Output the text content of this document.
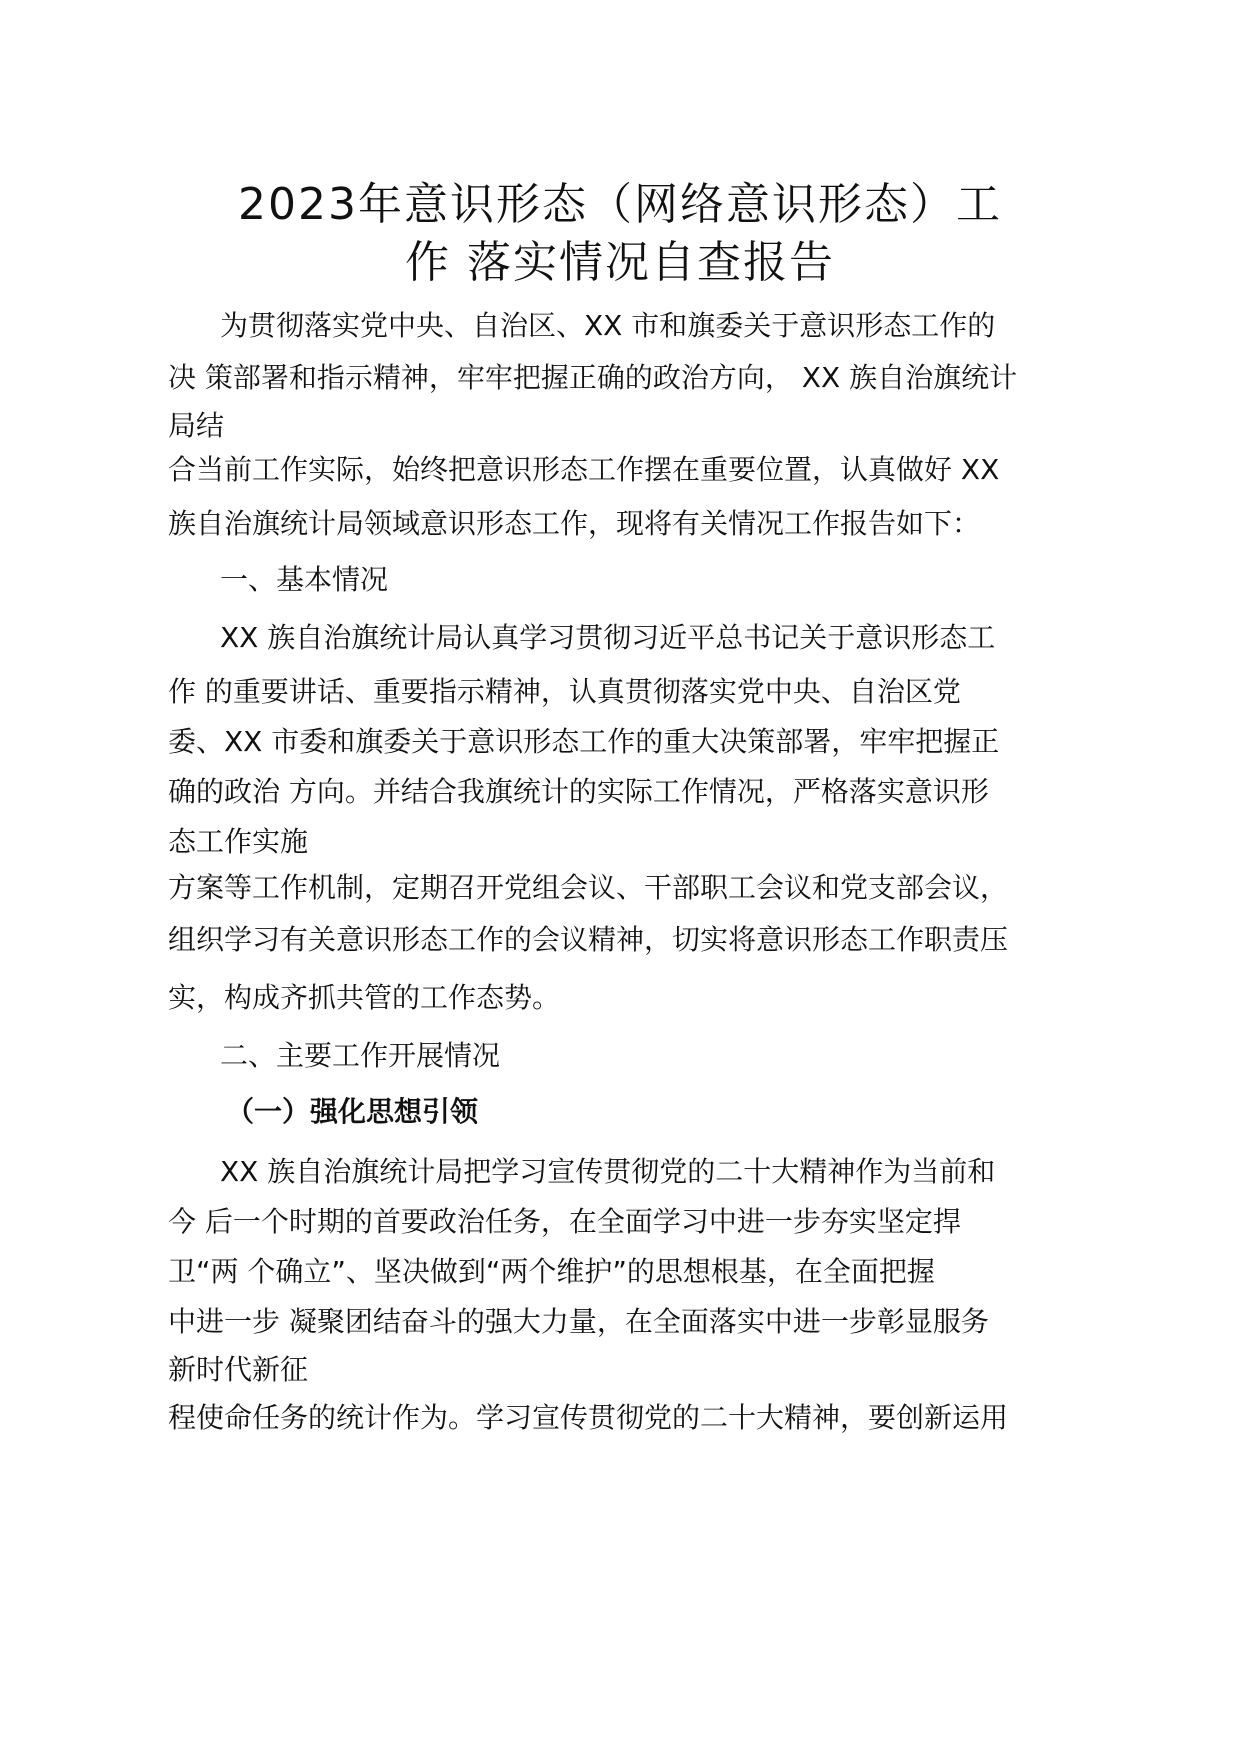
2023年意识形态（网络意识形态）工
作 落实情况自查报告
为贯彻落实党中央、自治区、XX 市和旗委关于意识形态工作的
决 策部署和指示精神，牢牢把握正确的政治方向， XX 族自治旗统计
局结
合当前工作实际，始终把意识形态工作摆在重要位置，认真做好 XX
族自治旗统计局领域意识形态工作，现将有关情况工作报告如下：
一、基本情况
XX 族自治旗统计局认真学习贯彻习近平总书记关于意识形态工
作 的重要讲话、重要指示精神，认真贯彻落实党中央、自治区党
委、XX 市委和旗委关于意识形态工作的重大决策部署，牢牢把握正
确的政治 方向。并结合我旗统计的实际工作情况，严格落实意识形
态工作实施
方案等工作机制，定期召开党组会议、干部职工会议和党支部会议，
组织学习有关意识形态工作的会议精神，切实将意识形态工作职责压
实，构成齐抓共管的工作态势。
二、主要工作开展情况
（一）强化思想引领
XX 族自治旗统计局把学习宣传贯彻党的二十大精神作为当前和
今 后一个时期的首要政治任务，在全面学习中进一步夯实坚定捍
卫“两 个确立”、坚决做到“两个维护”的思想根基，在全面把握
中进一步 凝聚团结奋斗的强大力量，在全面落实中进一步彰显服务
新时代新征
程使命任务的统计作为。学习宣传贯彻党的二十大精神，要创新运用
